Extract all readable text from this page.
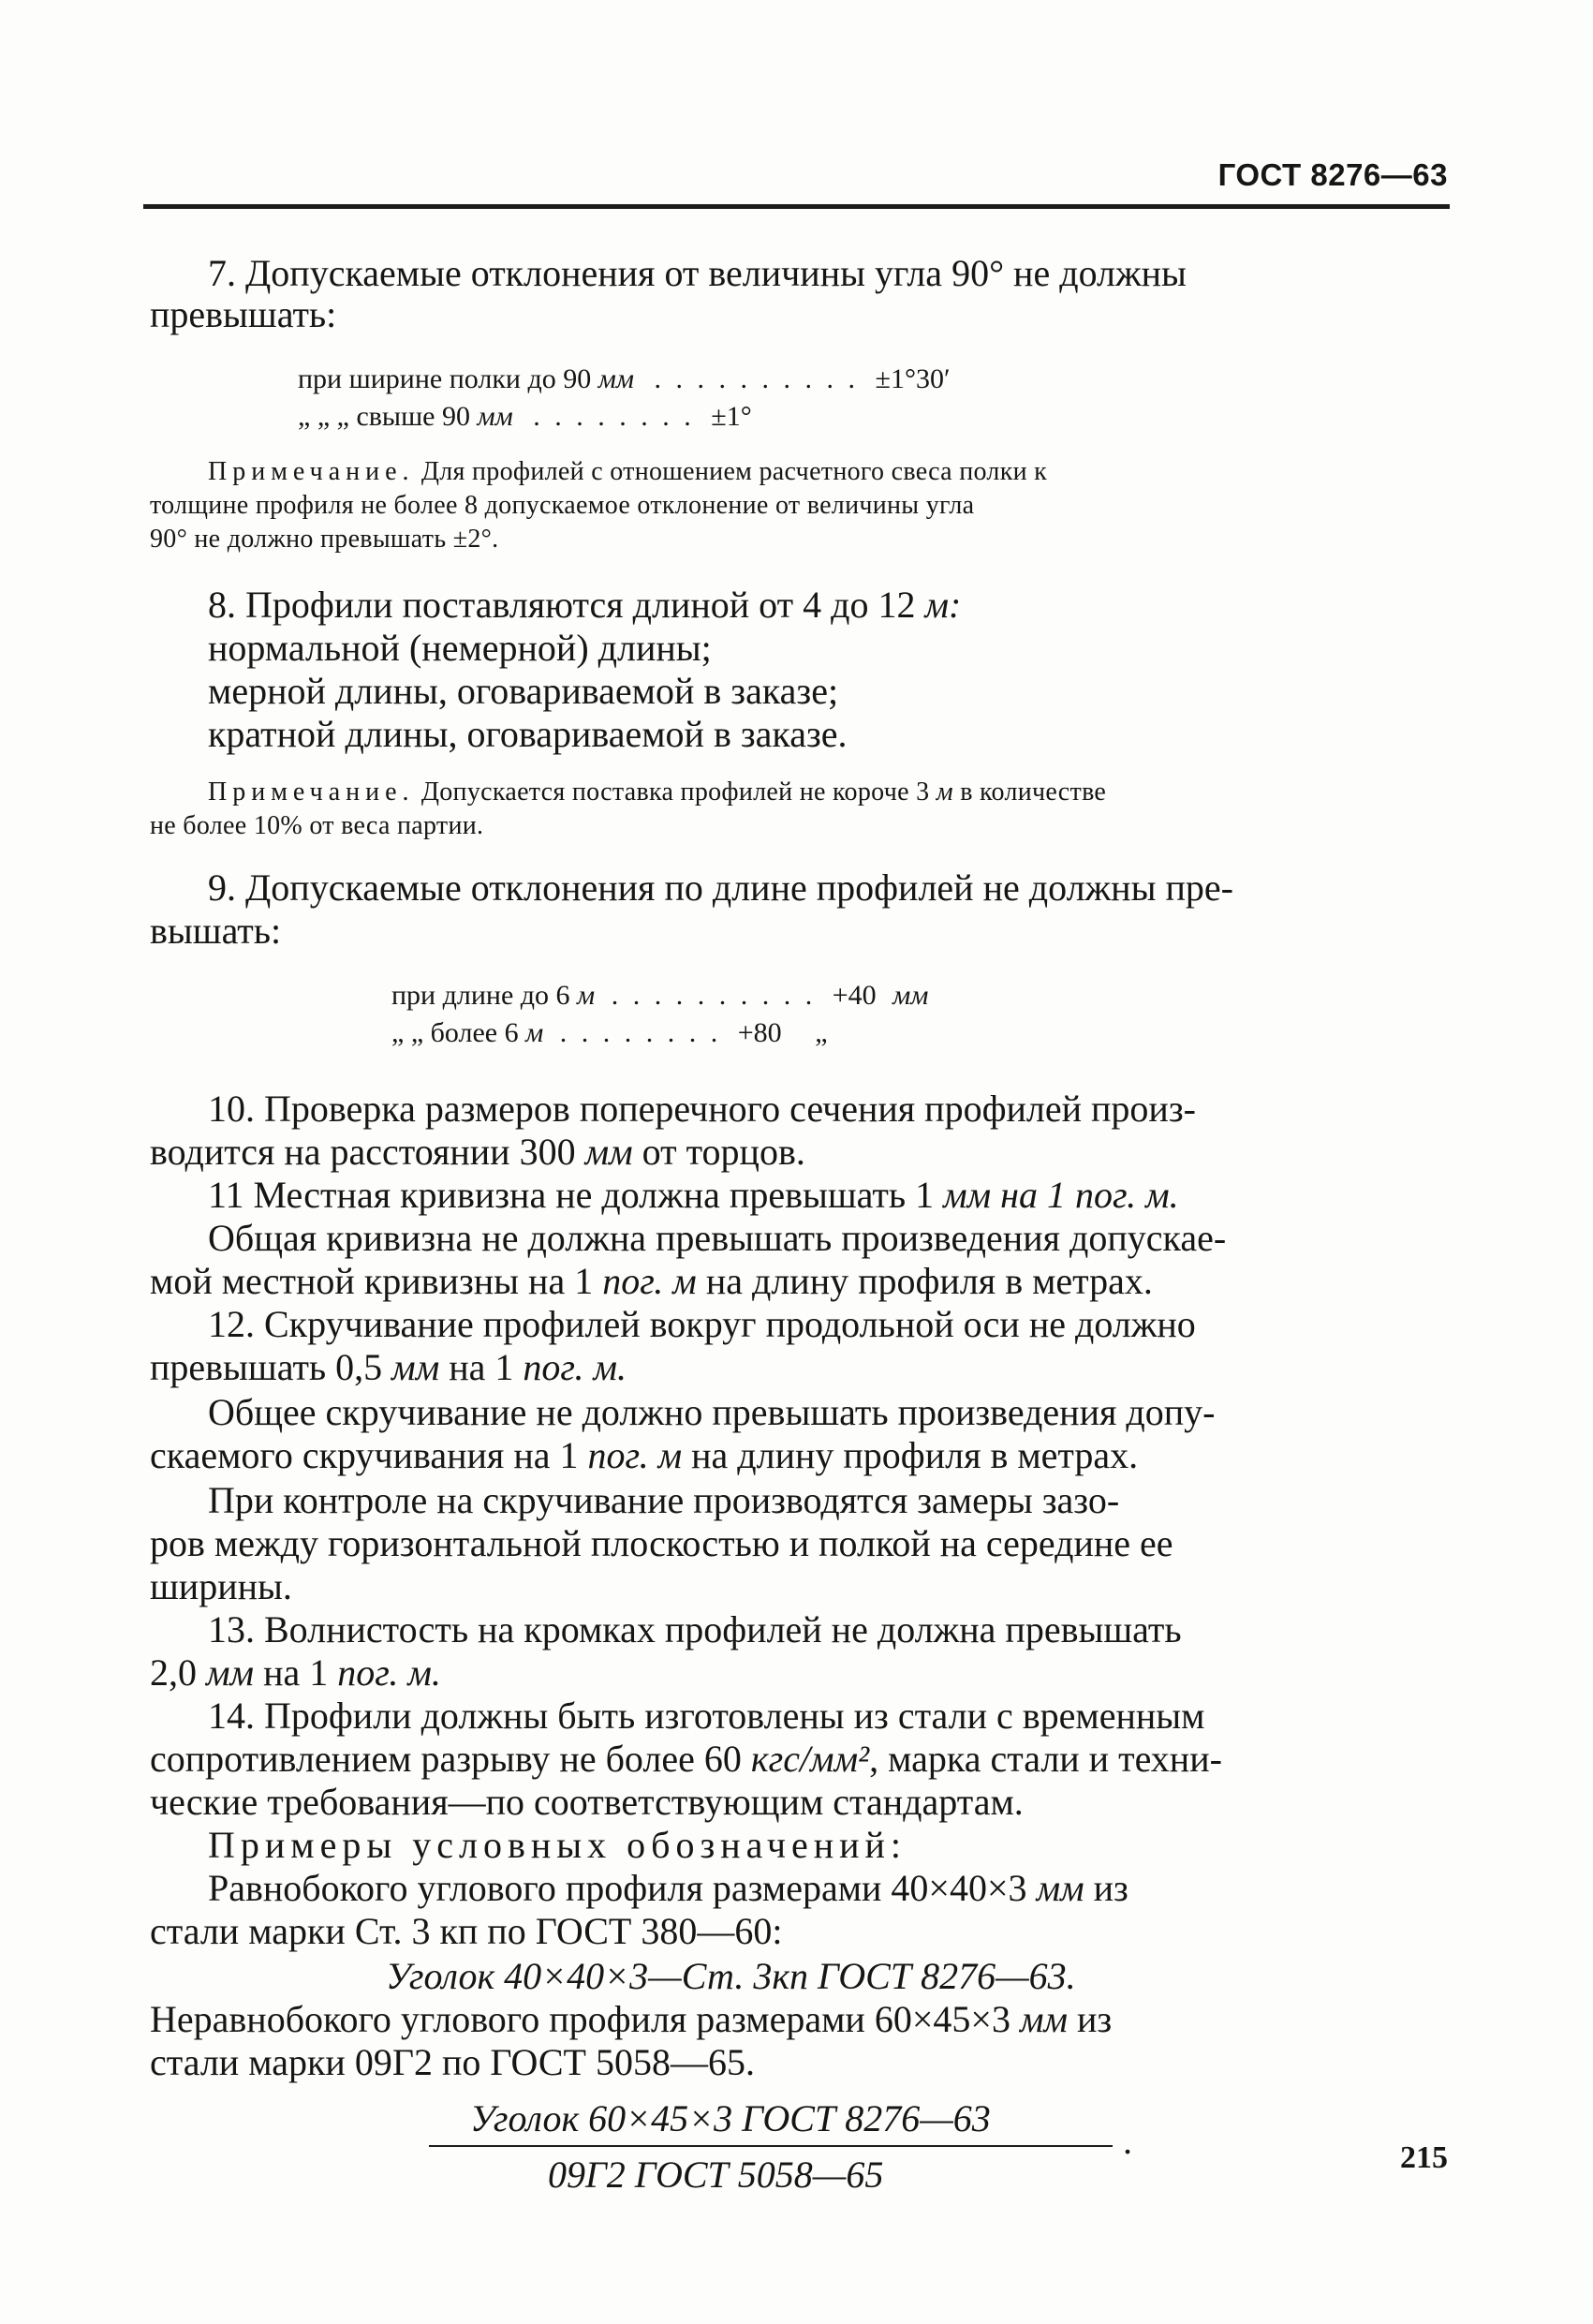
ГОСТ 8276—63
7. Допускаемые отклонения от величины угла 90° не должны
превышать:
при ширине полки до 90 мм . . . . . . . . . . ±1°30′
„ „ „ свыше 90 мм . . . . . . . . ±1°
Примечание. Для профилей с отношением расчетного свеса полки к
толщине профиля не более 8 допускаемое отклонение от величины угла
90° не должно превышать ±2°.
8. Профили поставляются длиной от 4 до 12 м:
нормальной (немерной) длины;
мерной длины, оговариваемой в заказе;
кратной длины, оговариваемой в заказе.
Примечание. Допускается поставка профилей не короче 3 м в количестве
не более 10% от веса партии.
9. Допускаемые отклонения по длине профилей не должны пре-
вышать:
при длине до 6 м . . . . . . . . . . +40 мм
„ „ более 6 м . . . . . . . . +80 „
10. Проверка размеров поперечного сечения профилей произ-
водится на расстоянии 300 мм от торцов.
11 Местная кривизна не должна превышать 1 мм на 1 пог. м.
Общая кривизна не должна превышать произведения допускае-
мой местной кривизны на 1 пог. м на длину профиля в метрах.
12. Скручивание профилей вокруг продольной оси не должно
превышать 0,5 мм на 1 пог. м.
Общее скручивание не должно превышать произведения допу-
скаемого скручивания на 1 пог. м на длину профиля в метрах.
При контроле на скручивание производятся замеры зазо-
ров между горизонтальной плоскостью и полкой на середине ее
ширины.
13. Волнистость на кромках профилей не должна превышать
2,0 мм на 1 пог. м.
14. Профили должны быть изготовлены из стали с временным
сопротивлением разрыву не более 60 кгс/мм², марка стали и техни-
ческие требования—по соответствующим стандартам.
Примеры условных обозначений:
Равнобокого углового профиля размерами 40×40×3 мм из
стали марки Ст. 3 кп по ГОСТ 380—60:
Уголок 40×40×3—Ст. 3кп ГОСТ 8276—63.
Неравнобокого углового профиля размерами 60×45×3 мм из
стали марки 09Г2 по ГОСТ 5058—65.
Уголок 60×45×3 ГОСТ 8276—63
.
09Г2 ГОСТ 5058—65	215
